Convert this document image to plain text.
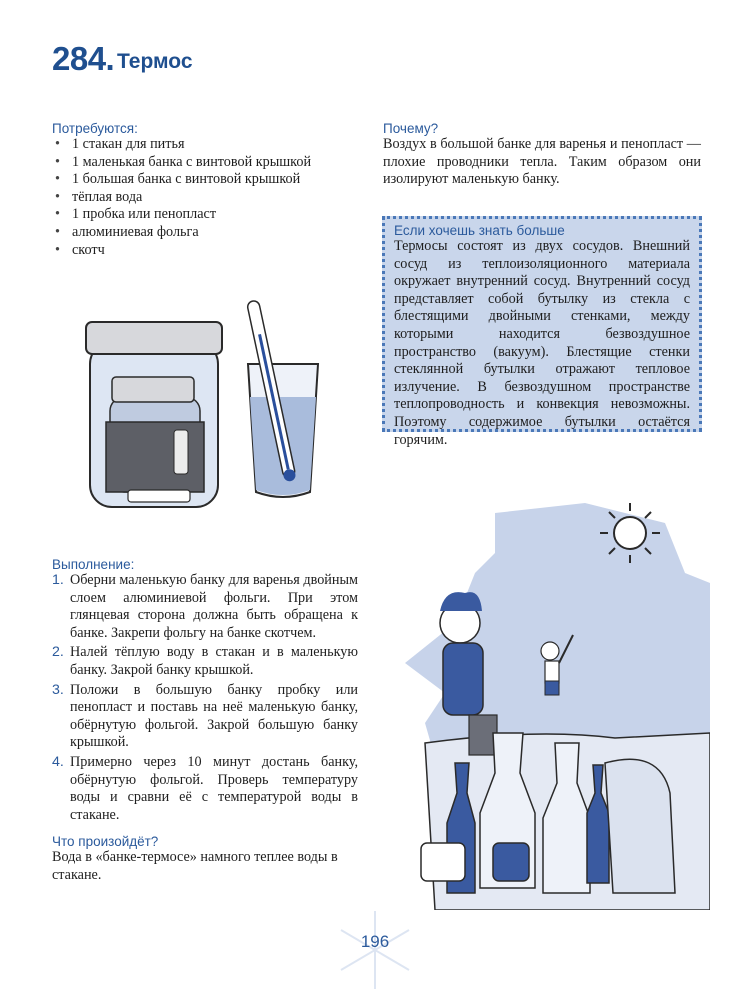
284. Термос
Потребуются:
• 1 стакан для питья
• 1 маленькая банка с винтовой крышкой
• 1 большая банка с винтовой крышкой
• тёплая вода
• 1 пробка или пенопласт
• алюминиевая фольга
• скотч
Почему?
Воздух в большой банке для варенья и пенопласт — плохие проводники тепла. Таким образом они изолируют маленькую банку.
Если хочешь знать больше
Термосы состоят из двух сосудов. Внешний сосуд из теплоизоляционного материала окружает внутренний сосуд. Внутренний сосуд представляет собой бутылку из стекла с блестящими двойными стенками, между которыми находится безвоздушное пространство (вакуум). Блестящие стенки стеклянной бутылки отражают тепловое излучение. В безвоздушном пространстве теплопроводность и конвекция невозможны. Поэтому содержимое бутылки остаётся горячим.
Выполнение:
1. Оберни маленькую банку для варенья двойным слоем алюминиевой фольги. При этом глянцевая сторона должна быть обращена к банке. Закрепи фольгу на банке скотчем.
2. Налей тёплую воду в стакан и в маленькую банку. Закрой банку крышкой.
3. Положи в большую банку пробку или пенопласт и поставь на неё маленькую банку, обёрнутую фольгой. Закрой большую банку крышкой.
4. Примерно через 10 минут достань банку, обёрнутую фольгой. Проверь температуру воды и сравни её с температурой воды в стакане.
Что произойдёт?
Вода в «банке-термосе» намного теплее воды в стакане.
196
